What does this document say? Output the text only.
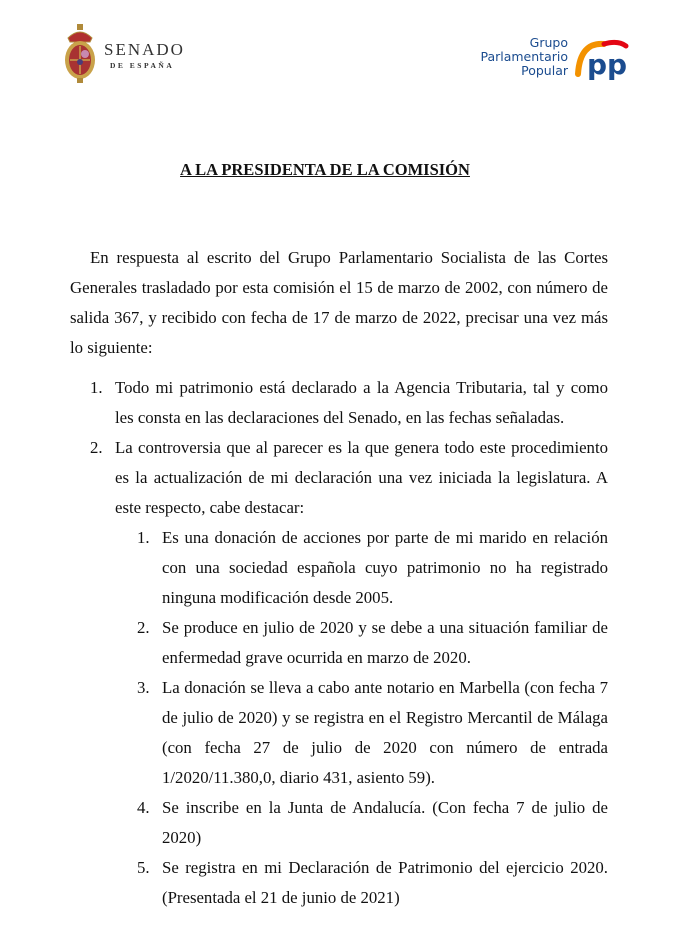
SENADO
DE ESPAÑA
Grupo
Parlamentario
Popular pp
A LA PRESIDENTA DE LA COMISIÓN
En respuesta al escrito del Grupo Parlamentario Socialista de las Cortes Generales trasladado por esta comisión el 15 de marzo de 2002, con número de salida 367, y recibido con fecha de 17 de marzo de 2022, precisar una vez más lo siguiente:
1. Todo mi patrimonio está declarado a la Agencia Tributaria, tal y como les consta en las declaraciones del Senado, en las fechas señaladas.
2. La controversia que al parecer es la que genera todo este procedimiento es la actualización de mi declaración una vez iniciada la legislatura. A este respecto, cabe destacar:
1. Es una donación de acciones por parte de mi marido en relación con una sociedad española cuyo patrimonio no ha registrado ninguna modificación desde 2005.
2. Se produce en julio de 2020 y se debe a una situación familiar de enfermedad grave ocurrida en marzo de 2020.
3. La donación se lleva a cabo ante notario en Marbella (con fecha 7 de julio de 2020) y se registra en el Registro Mercantil de Málaga (con fecha 27 de julio de 2020 con número de entrada 1/2020/11.380,0, diario 431, asiento 59).
4. Se inscribe en la Junta de Andalucía. (Con fecha 7 de julio de 2020)
5. Se registra en mi Declaración de Patrimonio del ejercicio 2020. (Presentada el 21 de junio de 2021)
